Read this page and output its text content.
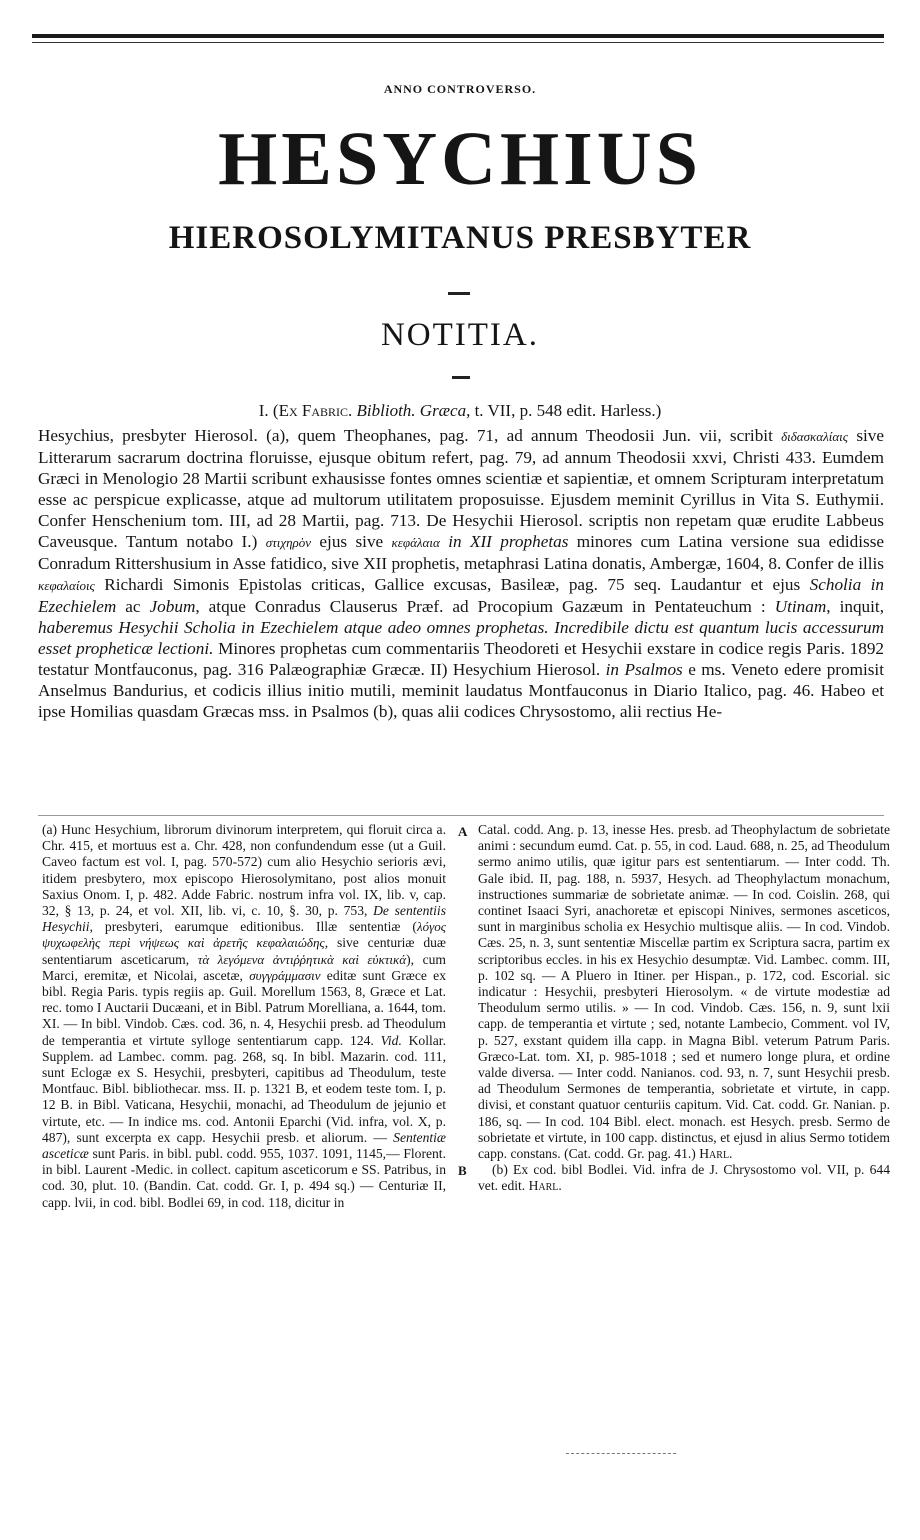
ANNO CONTROVERSO.
HESYCHIUS
HIEROSOLYMITANUS PRESBYTER
NOTITIA.
I. (Ex Fabric. Biblioth. Græca, t. VII, p. 548 edit. Harless.)

Hesychius, presbyter Hierosol. (a), quem Theophanes, pag. 71, ad annum Theodosii Jun. vii, scribit διδασκαλίαις sive Litterarum sacrarum doctrina floruisse, ejusque obitum refert, pag. 79, ad annum Theodosii xxvi, Christi 433. Eumdem Græci in Menologio 28 Martii scribunt exhausisse fontes omnes scientiæ et sapientiæ, et omnem Scripturam interpretatum esse ac perspicue explicasse, atque ad multorum utilitatem proposuisse. Ejusdem meminit Cyrillus in Vita S. Euthymii. Confer Henschenium tom. III, ad 28 Martii, pag. 713. De Hesychii Hierosol. scriptis non repetam quæ erudite Labbeus Caveusque. Tantum notabo I.) στιχηρὸν ejus sive κεφάλαια in XII prophetas minores cum Latina versione sua edidisse Conradum Rittershusium in Asse fatidico, sive XII prophetis, metaphrasi Latina donatis, Ambergæ, 1604, 8. Confer de illis κεφαλαίοις Richardi Simonis Epistolas criticas, Gallice excusas, Basileæ, pag. 75 seq. Laudantur et ejus Scholia in Ezechielem ac Jobum, atque Conradus Clauserus Præf. ad Procopium Gazæum in Pentateuchum : Utinam, inquit, haberemus Hesychii Scholia in Ezechielem atque adeo omnes prophetas. Incredibile dictu est quantum lucis accessurum esset propheticæ lectioni. Minores prophetas cum commentariis Theodoreti et Hesychii exstare in codice regis Paris. 1892 testatur Montfauconus, pag. 316 Palæographiæ Græcæ. II) Hesychium Hierosol. in Psalmos e ms. Veneto edere promisit Anselmus Bandurius, et codicis illius initio mutili, meminit laudatus Montfauconus in Diario Italico, pag. 46. Habeo et ipse Homilias quasdam Græcas mss. in Psalmos (b), quas alii codices Chrysostomo, alii rectius He-

(a) Hunc Hesychium, librorum divinorum interpretem, qui floruit circa a. Chr. 415, et mortuus est a. Chr. 428, non confundendum esse (ut a Guil. Caveo factum est vol. I, pag. 570-572) cum alio Hesychio serioris ævi, itidem presbytero, mox episcopo Hierosolymitano, post alios monuit Saxius Onom. I, p. 482. Adde Fabric. nostrum infra vol. IX, lib. v, cap. 32, § 13, p. 24, et vol. XII, lib. vi, c. 10, §. 30, p. 753, De sententiis Hesychii, presbyteri, earumque editionibus. Illæ sententiæ (λόγος ψυχωφελὴς περὶ νήψεως καὶ ἀρετῆς κεφαλαιώδης, sive centuriæ duæ sententiarum asceticarum, τὰ λεγόμενα ἀντιῤῥητικὰ καὶ εὐκτικά), cum Marci, eremitæ, et Nicolai, ascetæ, συγγράμμασιν editæ sunt Græce ex bibl. Regia Paris. typis regiis ap. Guil. Morellum 1563, 8, Græce et Lat. rec. tomo I Auctarii Ducæani, et in Bibl. Patrum Morelliana, a. 1644, tom. XI. — In bibl. Vindob. Cæs. cod. 36, n. 4, Hesychii presb. ad Theodulum de temperantia et virtute syllogе sententiarum capp. 124. Vid. Kollar. Supplem. ad Lambec. comm. pag. 268, sq. In bibl. Mazarin. cod. 111, sunt Eclogæ ex S. Hesychii, presbyteri, capitibus ad Theodulum, teste Montfauc. Bibl. bibliothecar. mss. II. p. 1321 B, et eodem teste tom. I, p. 12 B. in Bibl. Vaticana, Hesychii, monachi, ad Theodulum de jejunio et virtute, etc. — In indice ms. cod. Antonii Eparchi (Vid. infra, vol. X, p. 487), sunt excerpta ex capp. Hesychii presb. et aliorum. — Sententiæ asceticæ sunt Paris. in bibl. publ. codd. 955, 1037. 1091, 1145,— Florent. in bibl. Laurent -Medic. in collect. capitum asceticorum e SS. Patribus, in cod. 30, plut. 10. (Bandin. Cat. codd. Gr. I, p. 494 sq.) — Centuriæ II, capp. lvii, in cod. bibl. Bodlei 69, in cod. 118, dicitur in

A
B

Catal. codd. Ang. p. 13, inesse Hes. presb. ad Theophylactum de sobrietate animi : secundum eumd. Cat. p. 55, in cod. Laud. 688, n. 25, ad Theodulum sermo animo utilis, quæ igitur pars est sententiarum. — Inter codd. Th. Gale ibid. II, pag. 188, n. 5937, Hesych. ad Theophylactum monachum, instructiones summariæ de sobrietate animæ. — In cod. Coislin. 268, qui continet Isaaci Syri, anachoretæ et episcopi Ninives, sermones asceticos, sunt in marginibus scholia ex Hesychio multisque aliis. — In cod. Vindob. Cæs. 25, n. 3, sunt sententiæ Miscellæ partim ex Scriptura sacra, partim ex scriptoribus eccles. in his ex Hesychio desumptæ. Vid. Lambec. comm. III, p. 102 sq. — A Pluero in Itiner. per Hispan., p. 172, cod. Escorial. sic indicatur : Hesychii, presbyteri Hierosolym. « de virtute modestiæ ad Theodulum sermo utilis. » — In cod. Vindob. Cæs. 156, n. 9, sunt lxii capp. de temperantia et virtute ; sed, notante Lambecio, Comment. vol IV, p. 527, exstant quidem illa capp. in Magna Bibl. veterum Patrum Paris. Græco-Lat. tom. XI, p. 985-1018 ; sed et numero longe plura, et ordine valde diversa. — Inter codd. Nanianos. cod. 93, n. 7, sunt Hesychii presb. ad Theodulum Sermones de temperantia, sobrietate et virtute, in capp. divisi, et constant quatuor centuriis capitum. Vid. Cat. codd. Gr. Nanian. p. 186, sq. — In cod. 104 Bibl. elect. monach. est Hesych. presb. Sermo de sobrietate et virtute, in 100 capp. distinctus, et ejusd in alius Sermo totidem capp. constans. (Cat. codd. Gr. pag. 41.) Harl.

(b) Ex cod. bibl Bodlei. Vid. infra de J. Chrysostomo vol. VII, p. 644 vet. edit. Harl.
